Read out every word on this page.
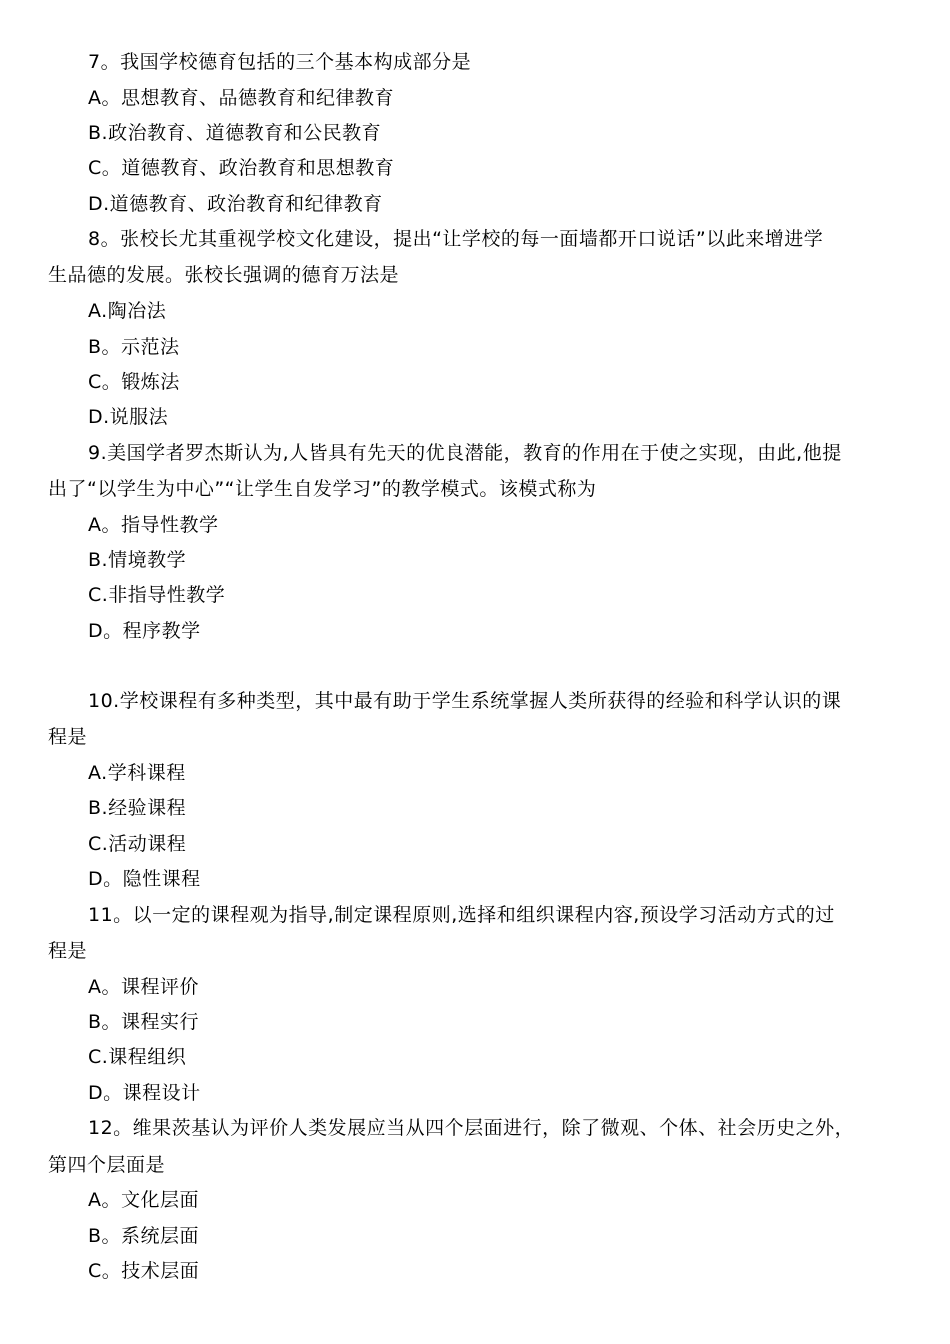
7。我国学校德育包括的三个基本构成部分是
A。思想教育、品德教育和纪律教育
B.政治教育、道德教育和公民教育
C。道德教育、政治教育和思想教育
D.道德教育、政治教育和纪律教育
8。张校长尤其重视学校文化建设，提出“让学校的每一面墙都开口说话”以此来增进学
生品德的发展。张校长强调的德育万法是
A.陶冶法
B。示范法
C。锻炼法
D.说服法
9.美国学者罗杰斯认为,人皆具有先天的优良潜能，教育的作用在于使之实现，由此,他提
出了“以学生为中心”“让学生自发学习”的教学模式。该模式称为
A。指导性教学
B.情境教学
C.非指导性教学
D。程序教学
10.学校课程有多种类型，其中最有助于学生系统掌握人类所获得的经验和科学认识的课
程是
A.学科课程
B.经验课程
C.活动课程
D。隐性课程
11。以一定的课程观为指导,制定课程原则,选择和组织课程内容,预设学习活动方式的过
程是
A。课程评价
B。课程实行
C.课程组织
D。课程设计
12。维果茨基认为评价人类发展应当从四个层面进行，除了微观、个体、社会历史之外，
第四个层面是
A。文化层面
B。系统层面
C。技术层面
